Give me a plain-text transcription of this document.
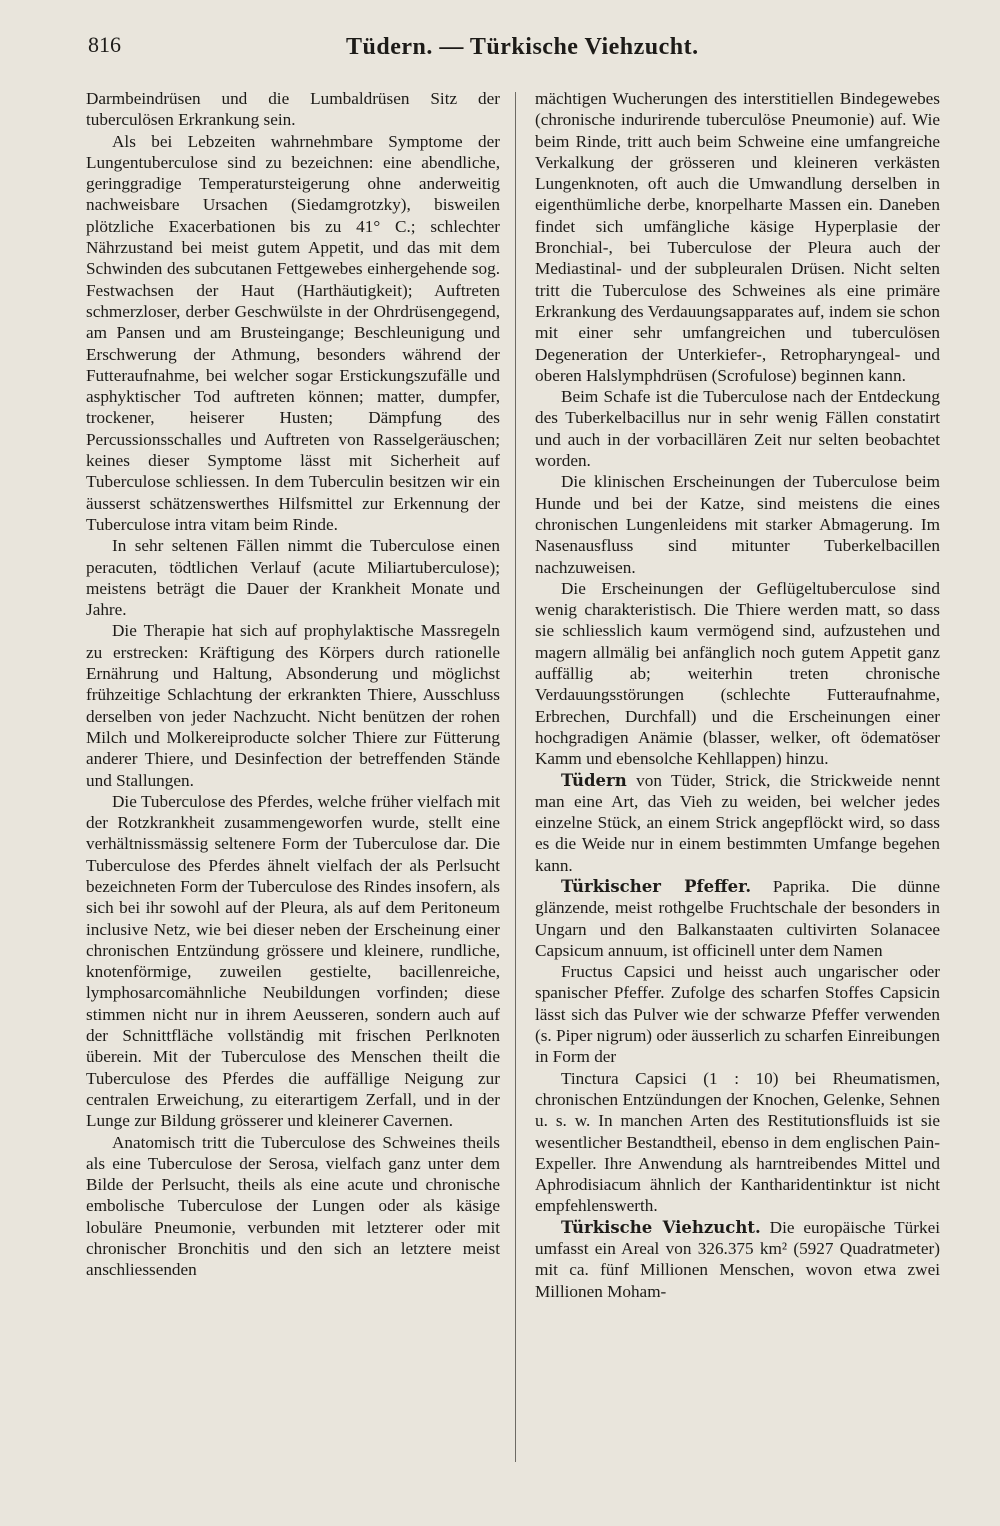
816	Tüdern. — Türkische Viehzucht.

Darmbeindrüsen und die Lumbaldrüsen Sitz der tuberculösen Erkrankung sein.

Als bei Lebzeiten wahrnehmbare Symptome der Lungentuberculose sind zu bezeichnen: eine abendliche, geringgradige Temperatursteigerung ohne anderweitig nachweisbare Ursachen (Siedamgrotzky), bisweilen plötzliche Exacerbationen bis zu 41° C.; schlechter Nährzustand bei meist gutem Appetit, und das mit dem Schwinden des subcutanen Fettgewebes einhergehende sog. Festwachsen der Haut (Harthäutigkeit); Auftreten schmerzloser, derber Geschwülste in der Ohrdrüsengegend, am Pansen und am Brusteingange; Beschleunigung und Erschwerung der Athmung, besonders während der Futteraufnahme, bei welcher sogar Erstickungszufälle und asphyktischer Tod auftreten können; matter, dumpfer, trockener, heiserer Husten; Dämpfung des Percussionsschalles und Auftreten von Rasselgeräuschen; keines dieser Symptome lässt mit Sicherheit auf Tuberculose schliessen. In dem Tuberculin besitzen wir ein äusserst schätzenswerthes Hilfsmittel zur Erkennung der Tuberculose intra vitam beim Rinde.

In sehr seltenen Fällen nimmt die Tuberculose einen peracuten, tödtlichen Verlauf (acute Miliartuberculose); meistens beträgt die Dauer der Krankheit Monate und Jahre.

Die Therapie hat sich auf prophylaktische Massregeln zu erstrecken: Kräftigung des Körpers durch rationelle Ernährung und Haltung, Absonderung und möglichst frühzeitige Schlachtung der erkrankten Thiere, Ausschluss derselben von jeder Nachzucht. Nicht benützen der rohen Milch und Molkereiproducte solcher Thiere zur Fütterung anderer Thiere, und Desinfection der betreffenden Stände und Stallungen.

Die Tuberculose des Pferdes, welche früher vielfach mit der Rotzkrankheit zusammengeworfen wurde, stellt eine verhältnissmässig seltenere Form der Tuberculose dar. Die Tuberculose des Pferdes ähnelt vielfach der als Perlsucht bezeichneten Form der Tuberculose des Rindes insofern, als sich bei ihr sowohl auf der Pleura, als auf dem Peritoneum inclusive Netz, wie bei dieser neben der Erscheinung einer chronischen Entzündung grössere und kleinere, rundliche, knotenförmige, zuweilen gestielte, bacillenreiche, lymphosarcomähnliche Neubildungen vorfinden; diese stimmen nicht nur in ihrem Aeusseren, sondern auch auf der Schnittfläche vollständig mit frischen Perlknoten überein. Mit der Tuberculose des Menschen theilt die Tuberculose des Pferdes die auffällige Neigung zur centralen Erweichung, zu eiterartigem Zerfall, und in der Lunge zur Bildung grösserer und kleinerer Cavernen.

Anatomisch tritt die Tuberculose des Schweines theils als eine Tuberculose der Serosa, vielfach ganz unter dem Bilde der Perlsucht, theils als eine acute und chronische embolische Tuberculose der Lungen oder als käsige lobuläre Pneumonie, verbunden mit letzterer oder mit chronischer Bronchitis und den sich an letztere meist anschliessenden

mächtigen Wucherungen des interstitiellen Bindegewebes (chronische indurirende tuberculöse Pneumonie) auf. Wie beim Rinde, tritt auch beim Schweine eine umfangreiche Verkalkung der grösseren und kleineren verkästen Lungenknoten, oft auch die Umwandlung derselben in eigenthümliche derbe, knorpelharte Massen ein. Daneben findet sich umfängliche käsige Hyperplasie der Bronchial-, bei Tuberculose der Pleura auch der Mediastinal- und der subpleuralen Drüsen. Nicht selten tritt die Tuberculose des Schweines als eine primäre Erkrankung des Verdauungsapparates auf, indem sie schon mit einer sehr umfangreichen und tuberculösen Degeneration der Unterkiefer-, Retropharyngeal- und oberen Halslymphdrüsen (Scrofulose) beginnen kann.

Beim Schafe ist die Tuberculose nach der Entdeckung des Tuberkelbacillus nur in sehr wenig Fällen constatirt und auch in der vorbacillären Zeit nur selten beobachtet worden.

Die klinischen Erscheinungen der Tuberculose beim Hunde und bei der Katze, sind meistens die eines chronischen Lungenleidens mit starker Abmagerung. Im Nasenausfluss sind mitunter Tuberkelbacillen nachzuweisen.

Die Erscheinungen der Geflügeltuberculose sind wenig charakteristisch. Die Thiere werden matt, so dass sie schliesslich kaum vermögend sind, aufzustehen und magern allmälig bei anfänglich noch gutem Appetit ganz auffällig ab; weiterhin treten chronische Verdauungsstörungen (schlechte Futteraufnahme, Erbrechen, Durchfall) und die Erscheinungen einer hochgradigen Anämie (blasser, welker, oft ödematöser Kamm und ebensolche Kehllappen) hinzu.

Tüdern von Tüder, Strick, die Strickweide nennt man eine Art, das Vieh zu weiden, bei welcher jedes einzelne Stück, an einem Strick angepflöckt wird, so dass es die Weide nur in einem bestimmten Umfange begehen kann.

Türkischer Pfeffer. Paprika. Die dünne glänzende, meist rothgelbe Fruchtschale der besonders in Ungarn und den Balkanstaaten cultivirten Solanacee Capsicum annuum, ist officinell unter dem Namen

Fructus Capsici und heisst auch ungarischer oder spanischer Pfeffer. Zufolge des scharfen Stoffes Capsicin lässt sich das Pulver wie der schwarze Pfeffer verwenden (s. Piper nigrum) oder äusserlich zu scharfen Einreibungen in Form der

Tinctura Capsici (1 : 10) bei Rheumatismen, chronischen Entzündungen der Knochen, Gelenke, Sehnen u. s. w. In manchen Arten des Restitutionsfluids ist sie wesentlicher Bestandtheil, ebenso in dem englischen Pain-Expeller. Ihre Anwendung als harntreibendes Mittel und Aphrodisiacum ähnlich der Kantharidentinktur ist nicht empfehlenswerth.

Türkische Viehzucht. Die europäische Türkei umfasst ein Areal von 326.375 km² (5927 Quadratmeter) mit ca. fünf Millionen Menschen, wovon etwa zwei Millionen Moham-
